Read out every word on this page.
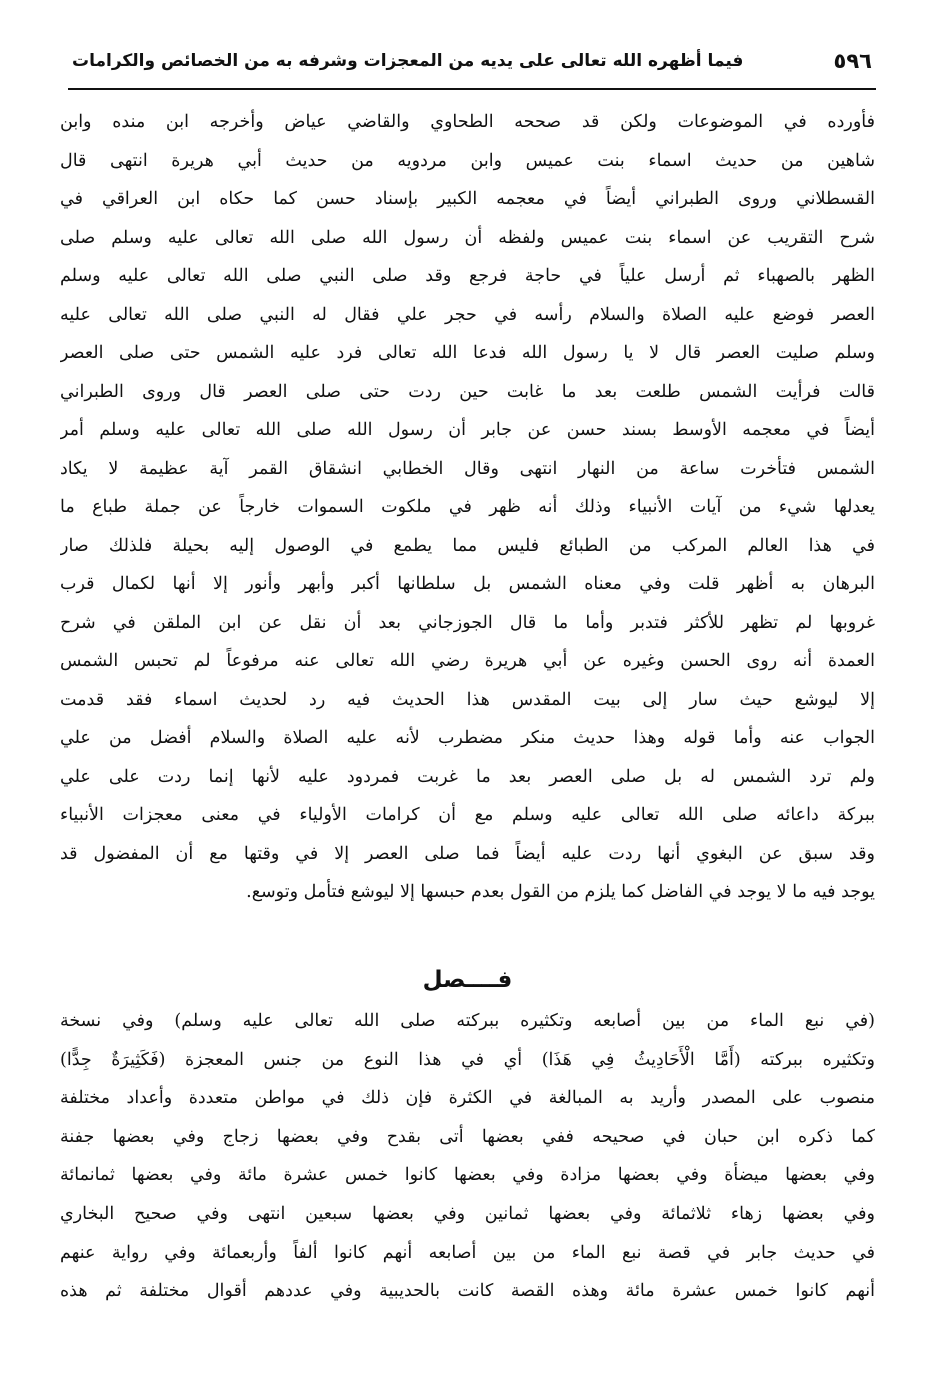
٥٩٦
فيما أظهره الله تعالى على يديه من المعجزات وشرفه به من الخصائص والكرامات
فأورده في الموضوعات ولكن قد صححه الطحاوي والقاضي عياض وأخرجه ابن منده وابن
شاهين من حديث اسماء بنت عميس وابن مردويه من حديث أبي هريرة انتهى قال
القسطلاني وروى الطبراني أيضاً في معجمه الكبير بإسناد حسن كما حكاه ابن العراقي في
شرح التقريب عن اسماء بنت عميس ولفظه أن رسول الله صلى الله تعالى عليه وسلم صلى
الظهر بالصهباء ثم أرسل علياً في حاجة فرجع وقد صلى النبي صلى الله تعالى عليه وسلم
العصر فوضع عليه الصلاة والسلام رأسه في حجر علي فقال له النبي صلى الله تعالى عليه
وسلم صليت العصر قال لا يا رسول الله فدعا الله تعالى فرد عليه الشمس حتى صلى العصر
قالت فرأيت الشمس طلعت بعد ما غابت حين ردت حتى صلى العصر قال وروى الطبراني
أيضاً في معجمه الأوسط بسند حسن عن جابر أن رسول الله صلى الله تعالى عليه وسلم أمر
الشمس فتأخرت ساعة من النهار انتهى وقال الخطابي انشقاق القمر آية عظيمة لا يكاد
يعدلها شيء من آيات الأنبياء وذلك أنه ظهر في ملكوت السموات خارجاً عن جملة طباع ما
في هذا العالم المركب من الطبائع فليس مما يطمع في الوصول إليه بحيلة فلذلك صار
البرهان به أظهر قلت وفي معناه الشمس بل سلطانها أكبر وأبهر وأنور إلا أنها لكمال قرب
غروبها لم تظهر للأكثر فتدبر وأما ما قال الجوزجاني بعد أن نقل عن ابن الملقن في شرح
العمدة أنه روى الحسن وغيره عن أبي هريرة رضي الله تعالى عنه مرفوعاً لم تحبس الشمس
إلا ليوشع حيث سار إلى بيت المقدس هذا الحديث فيه رد لحديث اسماء فقد قدمت
الجواب عنه وأما قوله وهذا حديث منكر مضطرب لأنه عليه الصلاة والسلام أفضل من علي
ولم ترد الشمس له بل صلى العصر بعد ما غربت فمردود عليه لأنها إنما ردت على علي
ببركة داعائه صلى الله تعالى عليه وسلم مع أن كرامات الأولياء في معنى معجزات الأنبياء
وقد سبق عن البغوي أنها ردت عليه أيضاً فما صلى العصر إلا في وقتها مع أن المفضول قد
يوجد فيه ما لا يوجد في الفاضل كما يلزم من القول بعدم حبسها إلا ليوشع فتأمل وتوسع.
فــــصل
(في نبع الماء من بين أصابعه وتكثيره ببركته صلى الله تعالى عليه وسلم) وفي نسخة
وتكثيره ببركته (أَمَّا الْأَحَادِيثُ فِي هَذَا) أي في هذا النوع من جنس المعجزة (فَكَثِيرَةٌ جِدًّا)
منصوب على المصدر وأريد به المبالغة في الكثرة فإن ذلك في مواطن متعددة وأعداد مختلفة
كما ذكره ابن حبان في صحيحه ففي بعضها أتى بقدح وفي بعضها زجاج وفي بعضها جفنة
وفي بعضها ميضأة وفي بعضها مزادة وفي بعضها كانوا خمس عشرة مائة وفي بعضها ثمانمائة
وفي بعضها زهاء ثلاثمائة وفي بعضها ثمانين وفي بعضها سبعين انتهى وفي صحيح البخاري
في حديث جابر في قصة نبع الماء من بين أصابعه أنهم كانوا ألفاً وأربعمائة وفي رواية عنهم
أنهم كانوا خمس عشرة مائة وهذه القصة كانت بالحديبية وفي عددهم أقوال مختلفة ثم هذه
